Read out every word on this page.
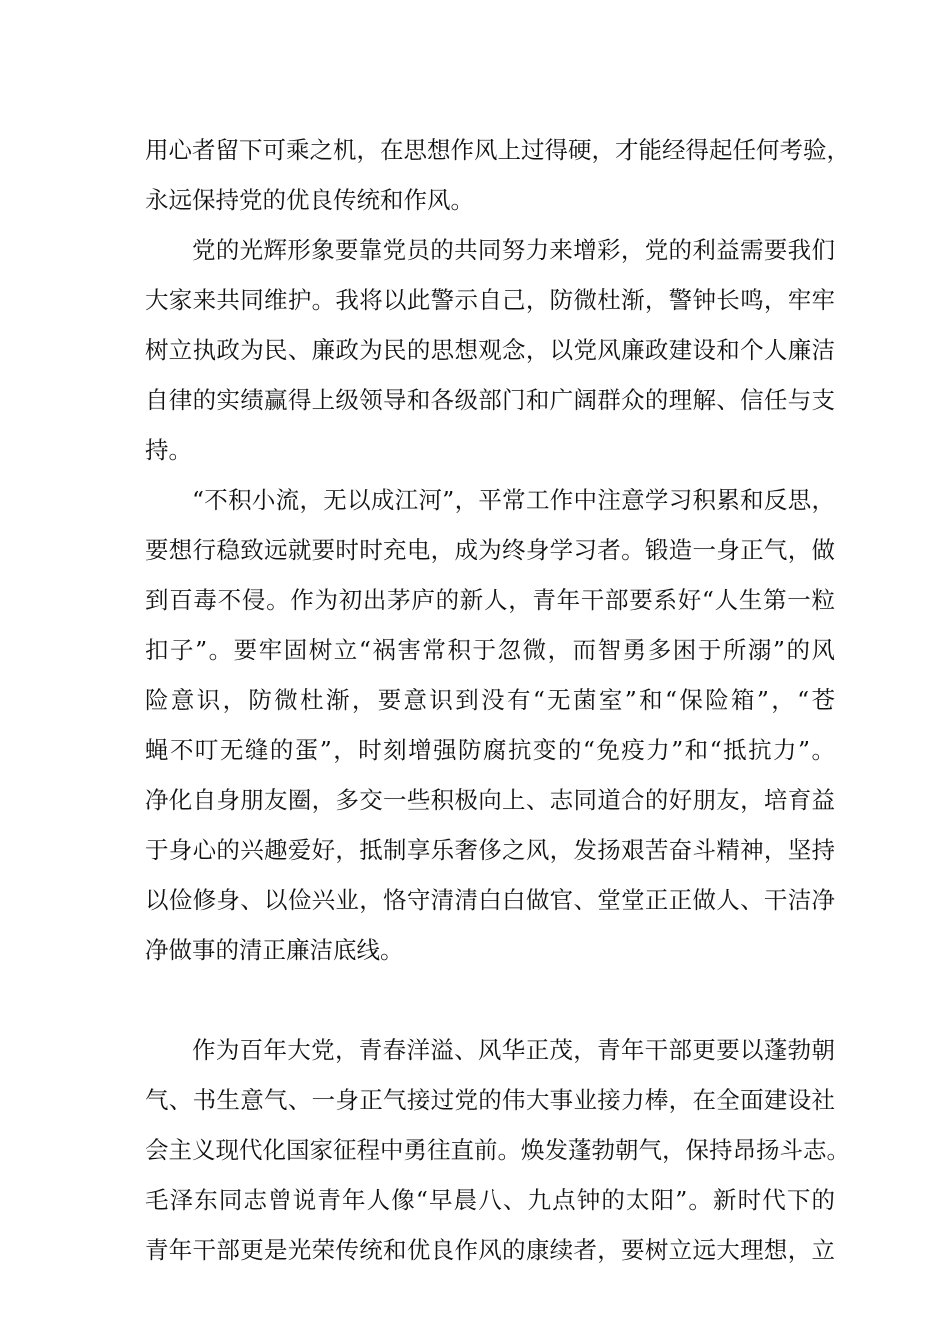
用心者留下可乘之机，在思想作风上过得硬，才能经得起任何考验，
永远保持党的优良传统和作风。
党的光辉形象要靠党员的共同努力来增彩，党的利益需要我们
大家来共同维护。我将以此警示自己，防微杜渐，警钟长鸣，牢牢
树立执政为民、廉政为民的思想观念，以党风廉政建设和个人廉洁
自律的实绩赢得上级领导和各级部门和广阔群众的理解、信任与支
持。
“不积小流，无以成江河”，平常工作中注意学习积累和反思，
要想行稳致远就要时时充电，成为终身学习者。锻造一身正气，做
到百毒不侵。作为初出茅庐的新人，青年干部要系好“人生第一粒
扣子”。要牢固树立“祸害常积于忽微，而智勇多困于所溺”的风
险意识，防微杜渐，要意识到没有“无菌室”和“保险箱”，“苍
蝇不叮无缝的蛋”，时刻增强防腐抗变的“免疫力”和“抵抗力”。
净化自身朋友圈，多交一些积极向上、志同道合的好朋友，培育益
于身心的兴趣爱好，抵制享乐奢侈之风，发扬艰苦奋斗精神，坚持
以俭修身、以俭兴业，恪守清清白白做官、堂堂正正做人、干洁净
净做事的清正廉洁底线。
作为百年大党，青春洋溢、风华正茂，青年干部更要以蓬勃朝
气、书生意气、一身正气接过党的伟大事业接力棒，在全面建设社
会主义现代化国家征程中勇往直前。焕发蓬勃朝气，保持昂扬斗志。
毛泽东同志曾说青年人像“早晨八、九点钟的太阳”。新时代下的
青年干部更是光荣传统和优良作风的康续者，要树立远大理想，立
